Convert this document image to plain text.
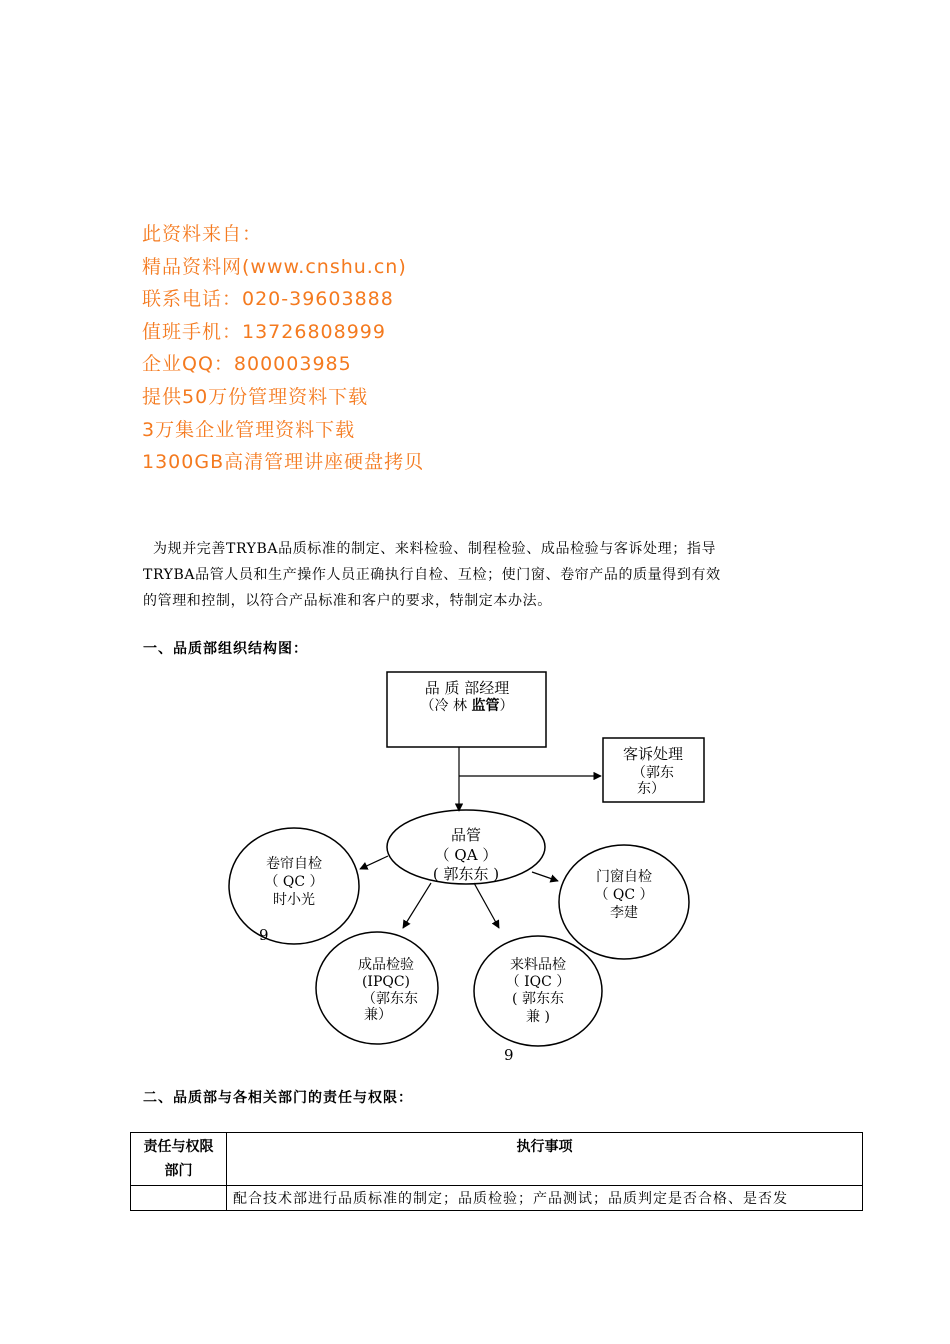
此资料来自：
精品资料网(www.cnshu.cn)
联系电话：020-39603888
值班手机：13726808999
企业QQ：800003985
提供50万份管理资料下载
3万集企业管理资料下载
1300GB高清管理讲座硬盘拷贝

为规并完善TRYBA品质标准的制定、来料检验、制程检验、成品检验与客诉处理；指导

TRYBA品管人员和生产操作人员正确执行自检、互检；使门窗、卷帘产品的质量得到有效
的管理和控制，以符合产品标准和客户的要求，特制定本办法。
一、品质部组织结构图：
品 质 部经理
（冷 林 监管）
客诉处理
（郭东
东）
品管
（ QA ）
( 郭东东 )
卷帘自检
（ QC ）
时小光
门窗自检
（ QC ）
李建
成品检验
(IPQC)
（郭东东
兼）
来料品检
（ IQC ）
( 郭东东
兼 )
9
9
二、品质部与各相关部门的责任与权限：
责任与权限
部门	执行事项
	配合技术部进行品质标准的制定；品质检验；产品测试；品质判定是否合格、是否发
